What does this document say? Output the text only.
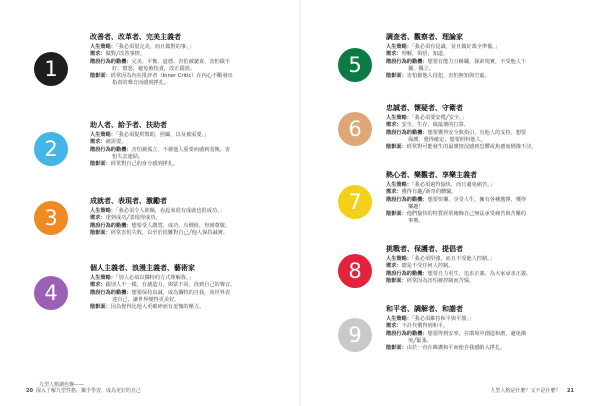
1
改善者、改革者、完美主義者
人生策略：「我必須很完美，而且做對的事。」
需求：做對╱改善事情。
階段行為的動機：完美、平衡、道德、害怕被譴責、害怕做不
好、憤怒，避免被指責，改正錯誤。
陰影面：經常因為內在批評者（Inner Critic）在內心不斷發出
指責的聲音而感到掙扎。
2
助人者、給予者、扶助者
人生策略：「我必須提供幫助，照顧，以及被需要。」
需求：被需要。
階段行為的動機：害怕被孤立、不被他人重要而感到羞愧，害
怕失去連結。
陰影面：經常對自己的身分感到掙扎。
3
成就者、表現者、激勵者
人生策略：「我必須令人欽佩，看起來很有成就也很成功。」
需求：達到成功╱表現得成功。
階段行為的動機：想要受人讚賞、成功，有價值，得到尊敬。
陰影面：經常害怕失敗，以至於很難對自己╱他人保持誠實。
4
個人主義者、浪漫主義者、藝術家
人生策略：「別人必須以獨特的方式理解我。」
需求：跟別人不一樣，有創造力，與眾不同，找到自己的聲音。
階段行為的動機：想要保持真誠，成為獨特的自我，尚世界表
達自己，讓世界變得更美好。
陰影面：因為覺得比他人更破碎而有羞愧的壓力。
5
調查者、觀察者、理論家
人生策略：「我必須有見識，並且做好萬全準備。」
需求：理解，領悟，知道。
階段行為的動機：想要有能力且稱職，探索現實，不受他人干
擾，獨立。
陰影面：害怕被他人侵犯，害怕無知與空虛。
6
忠誠者、懷疑者、守衛者
人生策略：「我必須要安穩╱安全。」
需求：安全，生存，做最壞的打算。
階段行為的動機：想要獲得安全與指引，有他人的支持，想要
保護，覺得確定，想要照料他人。
陰影面：經常對可能發生的最壞情況感到恐懼或焦慮而猶豫不決。
7
熱心者、樂觀者、享樂主義者
人生策略：「我必須過得愉快，而且避免痛苦。」
需求：獲得有趣╱新奇的體驗。
階段行為的動機：想要快樂，享受人生，擁有各種選擇，獲得
樂趣！
陰影面：他們愉快的特質經常掩飾自己無法承受痛苦與苦難的
事實。
8
挑戰者、保護者、提倡者
人生策略：「我必須堅強，而且不受他人控制。」
需求：總是不受任何人控制。
階段行為的動機：想要自力更生，追求正義，為大家尋求正義。
陰影面：經常因為害怕被控制而苦惱。
9
和平者、調解者、和諧者
人生策略：「我必須維持和平與平靜。」
需求：不計代價得到和平。
階段行為的動機：想要得到安寧，在環境中創造和諧，避免衝
突╱緊張。
陰影面：由於一直在維護和平而使自我感陷入掙扎。
九型人格調色盤——
20 深入了解九型性格，攜手學習，成為更好的自己	九型人格是什麼？又不是什麼？ 21
